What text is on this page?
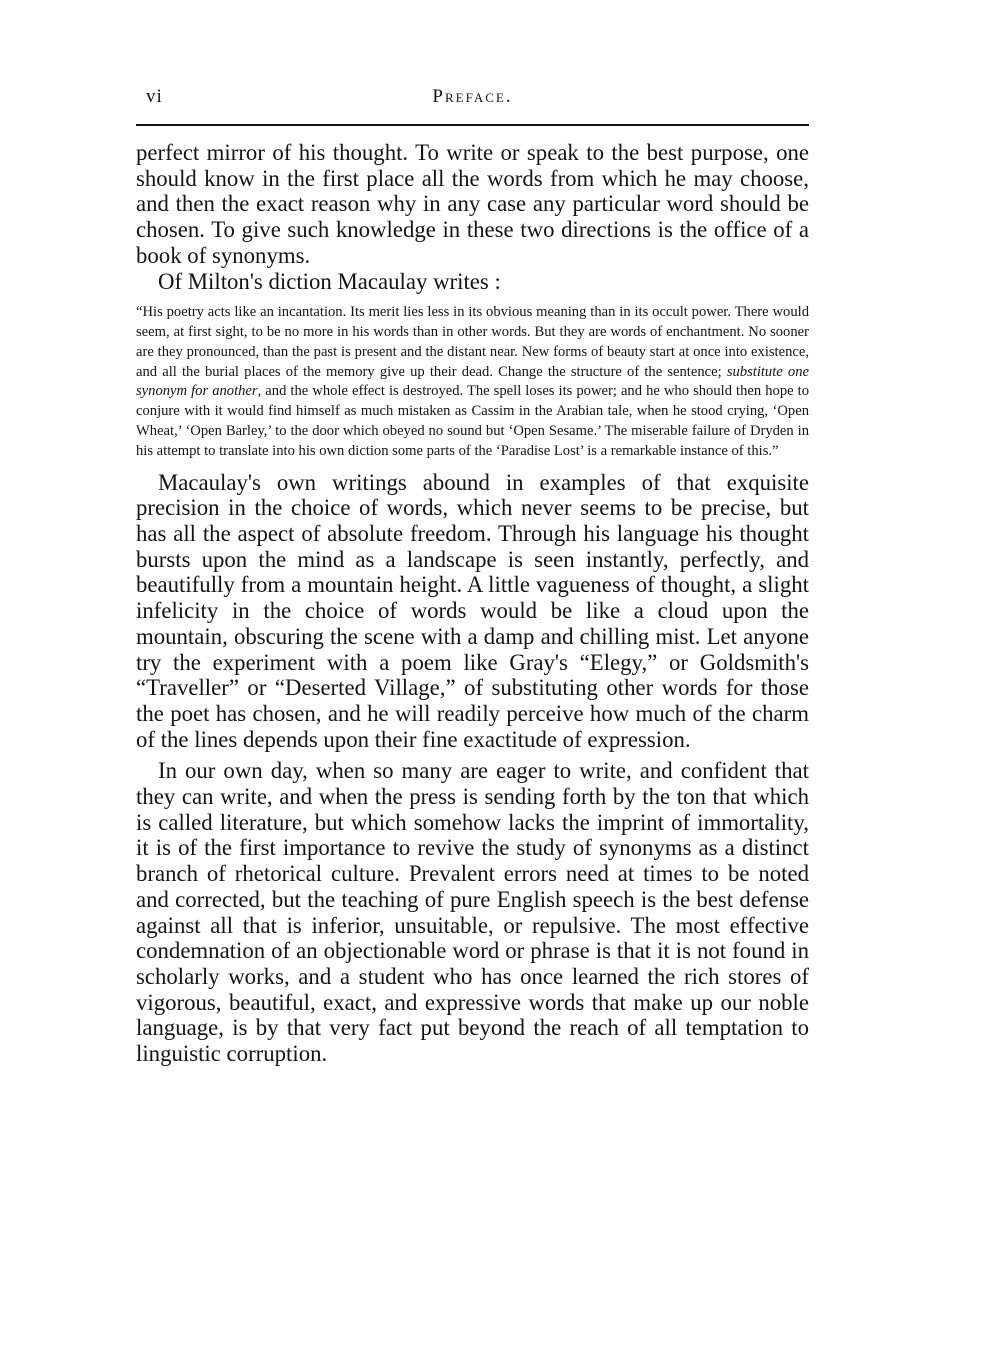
vi	Preface.

perfect mirror of his thought. To write or speak to the best purpose, one should know in the first place all the words from which he may choose, and then the exact reason why in any case any particular word should be chosen. To give such knowledge in these two directions is the office of a book of synonyms.

Of Milton's diction Macaulay writes :

“His poetry acts like an incantation. Its merit lies less in its obvious meaning than in its occult power. There would seem, at first sight, to be no more in his words than in other words. But they are words of enchantment. No sooner are they pronounced, than the past is present and the distant near. New forms of beauty start at once into existence, and all the burial places of the memory give up their dead. Change the structure of the sentence; substitute one synonym for another, and the whole effect is destroyed. The spell loses its power; and he who should then hope to conjure with it would find himself as much mistaken as Cassim in the Arabian tale, when he stood crying, ‘Open Wheat,’ ‘Open Barley,’ to the door which obeyed no sound but ‘Open Sesame.’ The miserable failure of Dryden in his attempt to translate into his own diction some parts of the ‘Paradise Lost’ is a remarkable instance of this.”

Macaulay's own writings abound in examples of that exquisite precision in the choice of words, which never seems to be precise, but has all the aspect of absolute freedom. Through his language his thought bursts upon the mind as a landscape is seen instantly, perfectly, and beautifully from a mountain height. A little vagueness of thought, a slight infelicity in the choice of words would be like a cloud upon the mountain, obscuring the scene with a damp and chilling mist. Let anyone try the experiment with a poem like Gray's “Elegy,” or Goldsmith's “Traveller” or “Deserted Village,” of substituting other words for those the poet has chosen, and he will readily perceive how much of the charm of the lines depends upon their fine exactitude of expression.

In our own day, when so many are eager to write, and confident that they can write, and when the press is sending forth by the ton that which is called literature, but which somehow lacks the imprint of immortality, it is of the first importance to revive the study of synonyms as a distinct branch of rhetorical culture. Prevalent errors need at times to be noted and corrected, but the teaching of pure English speech is the best defense against all that is inferior, unsuitable, or repulsive. The most effective condemnation of an objectionable word or phrase is that it is not found in scholarly works, and a student who has once learned the rich stores of vigorous, beautiful, exact, and expressive words that make up our noble language, is by that very fact put beyond the reach of all temptation to linguistic corruption.
